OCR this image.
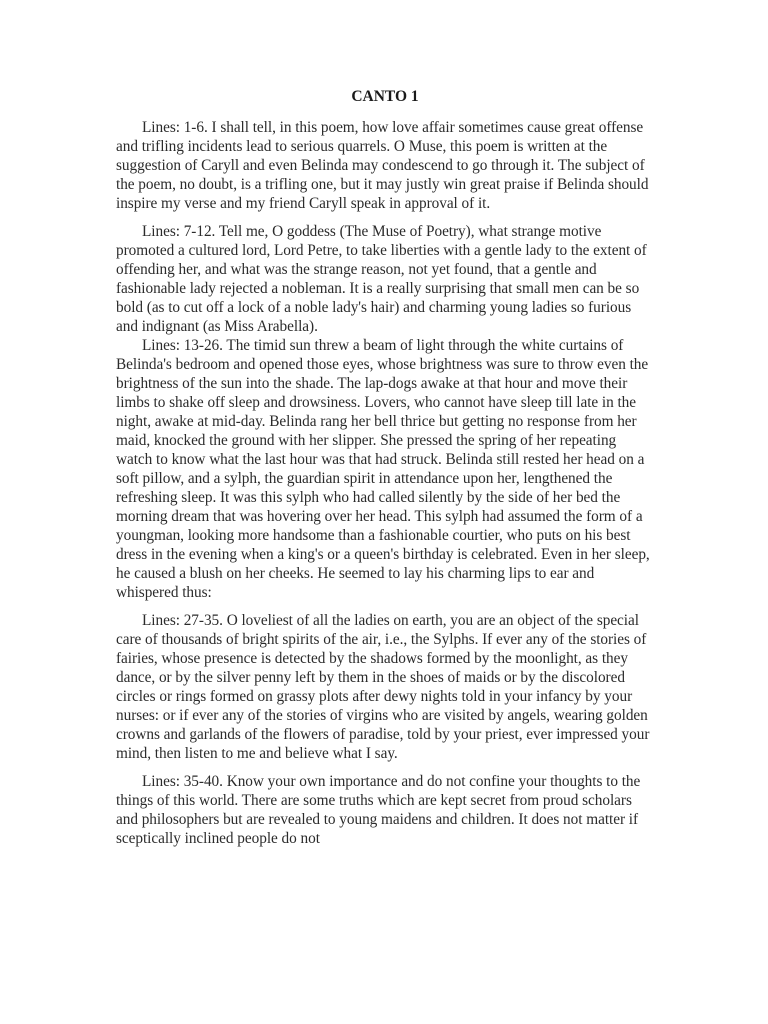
CANTO 1

Lines: 1-6. I shall tell, in this poem, how love affair sometimes cause great offense and trifling incidents lead to serious quarrels. O Muse, this poem is written at the suggestion of Caryll and even Belinda may condescend to go through it. The subject of the poem, no doubt, is a trifling one, but it may justly win great praise if Belinda should inspire my verse and my friend Caryll speak in approval of it.

Lines: 7-12. Tell me, O goddess (The Muse of Poetry), what strange motive promoted a cultured lord, Lord Petre, to take liberties with a gentle lady to the extent of offending her, and what was the strange reason, not yet found, that a gentle and fashionable lady rejected a nobleman. It is a really surprising that small men can be so bold (as to cut off a lock of a noble lady's hair) and charming young ladies so furious and indignant (as Miss Arabella).

Lines: 13-26. The timid sun threw a beam of light through the white curtains of Belinda's bedroom and opened those eyes, whose brightness was sure to throw even the brightness of the sun into the shade. The lap-dogs awake at that hour and move their limbs to shake off sleep and drowsiness. Lovers, who cannot have sleep till late in the night, awake at mid-day. Belinda rang her bell thrice but getting no response from her maid, knocked the ground with her slipper. She pressed the spring of her repeating watch to know what the last hour was that had struck. Belinda still rested her head on a soft pillow, and a sylph, the guardian spirit in attendance upon her, lengthened the refreshing sleep. It was this sylph who had called silently by the side of her bed the morning dream that was hovering over her head. This sylph had assumed the form of a youngman, looking more handsome than a fashionable courtier, who puts on his best dress in the evening when a king's or a queen's birthday is celebrated. Even in her sleep, he caused a blush on her cheeks. He seemed to lay his charming lips to ear and whispered thus:

Lines: 27-35. O loveliest of all the ladies on earth, you are an object of the special care of thousands of bright spirits of the air, i.e., the Sylphs. If ever any of the stories of fairies, whose presence is detected by the shadows formed by the moonlight, as they dance, or by the silver penny left by them in the shoes of maids or by the discolored circles or rings formed on grassy plots after dewy nights told in your infancy by your nurses: or if ever any of the stories of virgins who are visited by angels, wearing golden crowns and garlands of the flowers of paradise, told by your priest, ever impressed your mind, then listen to me and believe what I say.

Lines: 35-40. Know your own importance and do not confine your thoughts to the things of this world. There are some truths which are kept secret from proud scholars and philosophers but are revealed to young maidens and children. It does not matter if sceptically inclined people do not
